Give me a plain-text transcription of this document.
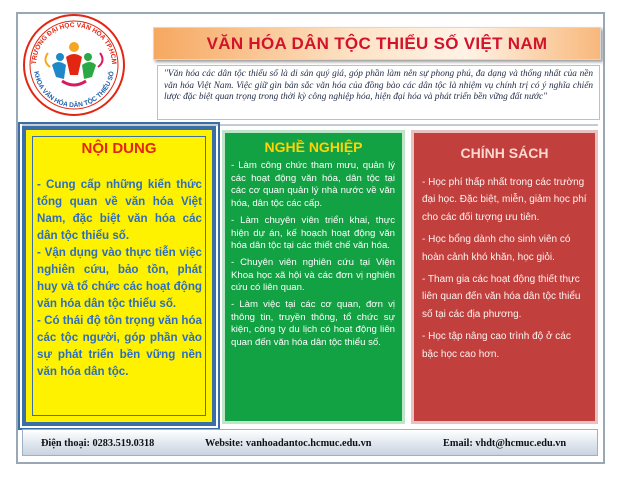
TRƯỜNG ĐẠI HỌC VĂN HÓA TP.HCM
KHOA VĂN HÓA DÂN TỘC THIỂU SỐ
VĂN HÓA DÂN TỘC THIỂU SỐ VIỆT NAM
"Văn hóa các dân tộc thiểu số là di sản quý giá, góp phần làm nên sự phong phú, đa dạng và thống nhất của nền văn hóa Việt Nam. Việc giữ gìn bản sắc văn hóa của đồng bào các dân tộc là nhiệm vụ chính trị có ý nghĩa chiến lược đặc biệt quan trọng trong thời kỳ công nghiệp hóa, hiện đại hóa và phát triển bền vững đất nước"
NỘI DUNG
- Cung cấp những kiến thức tổng quan về văn hóa Việt Nam, đặc biệt văn hóa các dân tộc thiểu số.
- Vận dụng vào thực tiễn việc nghiên cứu, bảo tồn, phát huy và tổ chức các hoạt động văn hóa dân tộc thiểu số.
- Có thái độ tôn trọng văn hóa các tộc người, góp phần vào sự phát triển bền vững nền văn hóa dân tộc.
NGHỀ NGHIỆP

- Làm công chức tham mưu, quản lý các hoạt động văn hóa, dân tộc tại các cơ quan quản lý nhà nước về văn hóa, dân tộc các cấp.

- Làm chuyên viên triển khai, thực hiện dự án, kế hoạch hoạt động văn hóa dân tộc tại các thiết chế văn hóa.

- Chuyên viên nghiên cứu tại Viện Khoa học xã hội và các đơn vị nghiên cứu có liên quan.

- Làm việc tại các cơ quan, đơn vị thông tin, truyền thông, tổ chức sự kiện, công ty du lịch có hoạt động liên quan đến văn hóa dân tộc thiểu số.

CHÍNH SÁCH

- Học phí thấp nhất trong các trường đại học. Đặc biệt, miễn, giảm học phí cho các đối tượng ưu tiên.

- Học bổng dành cho sinh viên có hoàn cảnh khó khăn, học giỏi.

- Tham gia các hoạt động thiết thực liên quan đến văn hóa dân tộc thiểu số tại các địa phương.

- Học tập nâng cao trình độ ở các bậc học cao hơn.

Điện thoại: 0283.519.0318	Website: vanhoadantoc.hcmuc.edu.vn	Email: vhdt@hcmuc.edu.vn
